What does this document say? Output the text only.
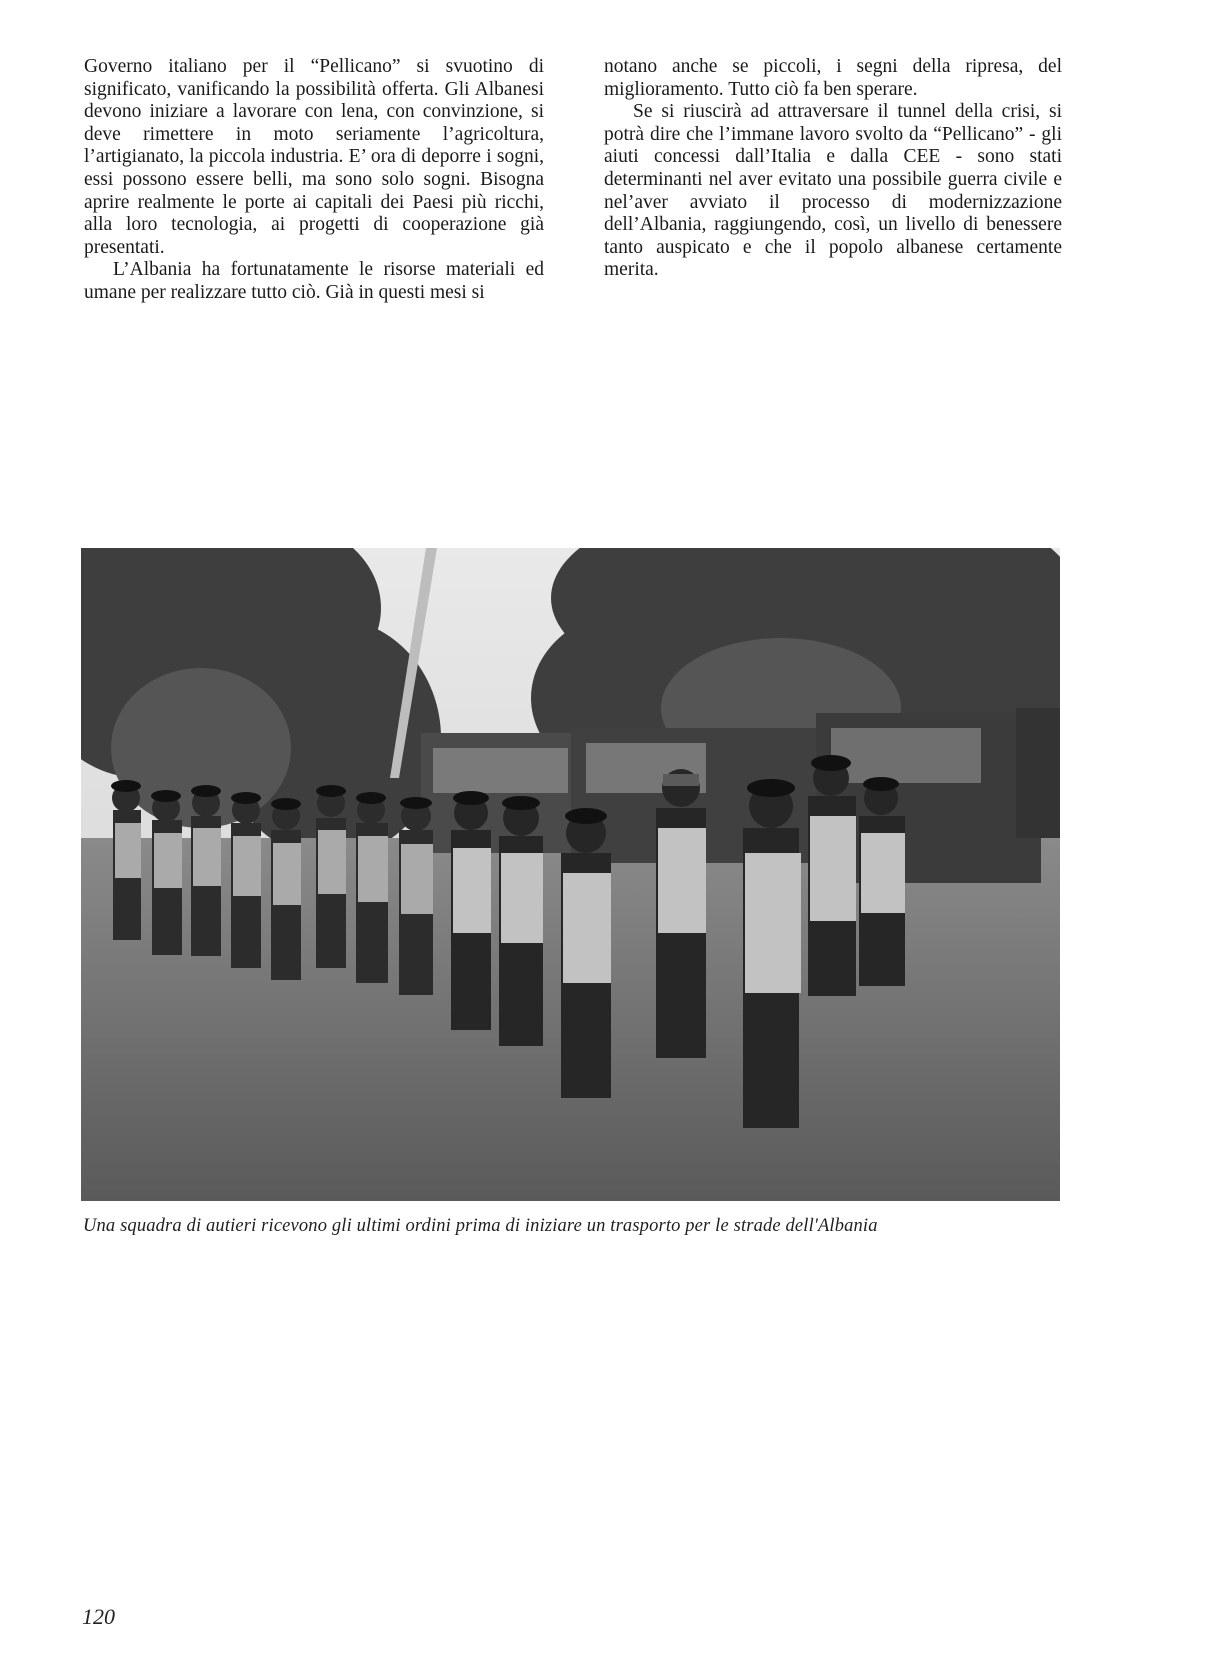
Governo italiano per il “Pellicano” si svuotino di significato, vanificando la possibilità offerta. Gli Albanesi devono iniziare a lavorare con lena, con convinzione, si deve rimettere in moto seriamente l’agricoltura, l’artigianato, la piccola industria. E’ ora di deporre i sogni, essi possono essere belli, ma sono solo sogni. Bisogna aprire realmente le porte ai capitali dei Paesi più ricchi, alla loro tecnologia, ai progetti di cooperazione già presentati.

L’Albania ha fortunatamente le risorse materiali ed umane per realizzare tutto ciò. Già in questi mesi si

notano anche se piccoli, i segni della ripresa, del miglioramento. Tutto ciò fa ben sperare.

Se si riuscirà ad attraversare il tunnel della crisi, si potrà dire che l’immane lavoro svolto da “Pellicano” - gli aiuti concessi dall’Italia e dalla CEE - sono stati determinanti nel aver evitato una possibile guerra civile e nel’aver avviato il processo di modernizzazione dell’Albania, raggiungendo, così, un livello di benessere tanto auspicato e che il popolo albanese certamente merita.

Una squadra di autieri ricevono gli ultimi ordini prima di iniziare un trasporto per le strade dell'Albania
120
